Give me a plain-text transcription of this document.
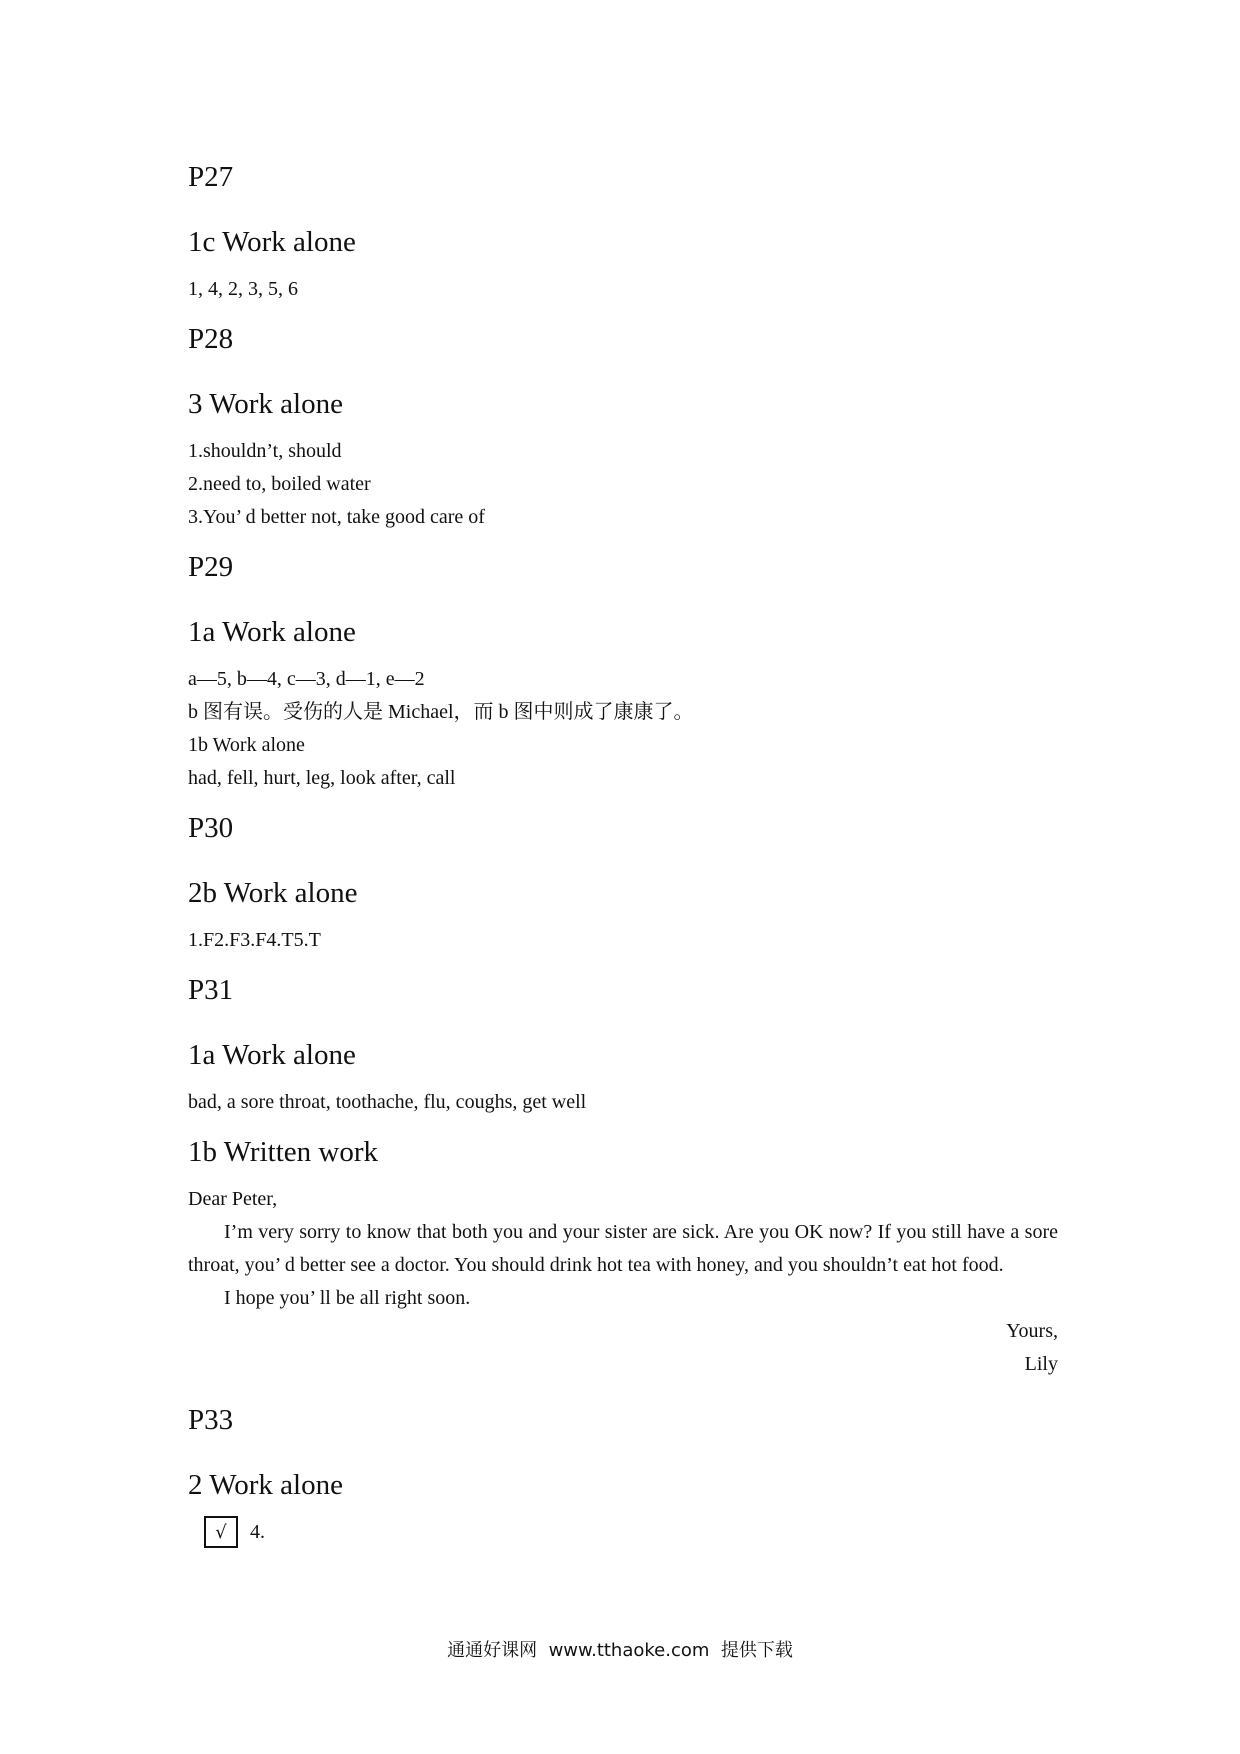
P27
1c Work alone

1, 4, 2, 3, 5, 6

P28
3 Work alone

1.shouldn’t, should

2.need to, boiled water

3.You’ d better not, take good care of

P29
1a Work alone

a—5, b—4, c—3, d—1, e—2

b 图有误。受伤的人是 Michael，而 b 图中则成了康康了。

1b Work alone

had, fell, hurt, leg, look after, call

P30
2b Work alone

1.F2.F3.F4.T5.T

P31
1a Work alone

bad, a sore throat, toothache, flu, coughs, get well

1b Written work

Dear Peter,

I’m very sorry to know that both you and your sister are sick. Are you OK now? If you still have a sore throat, you’ d better see a doctor. You should drink hot tea with honey, and you shouldn’t eat hot food.

I hope you’ ll be all right soon.

Yours,

Lily

P33
2 Work alone
√	4.
通通好课网  www.tthaoke.com  提供下载
